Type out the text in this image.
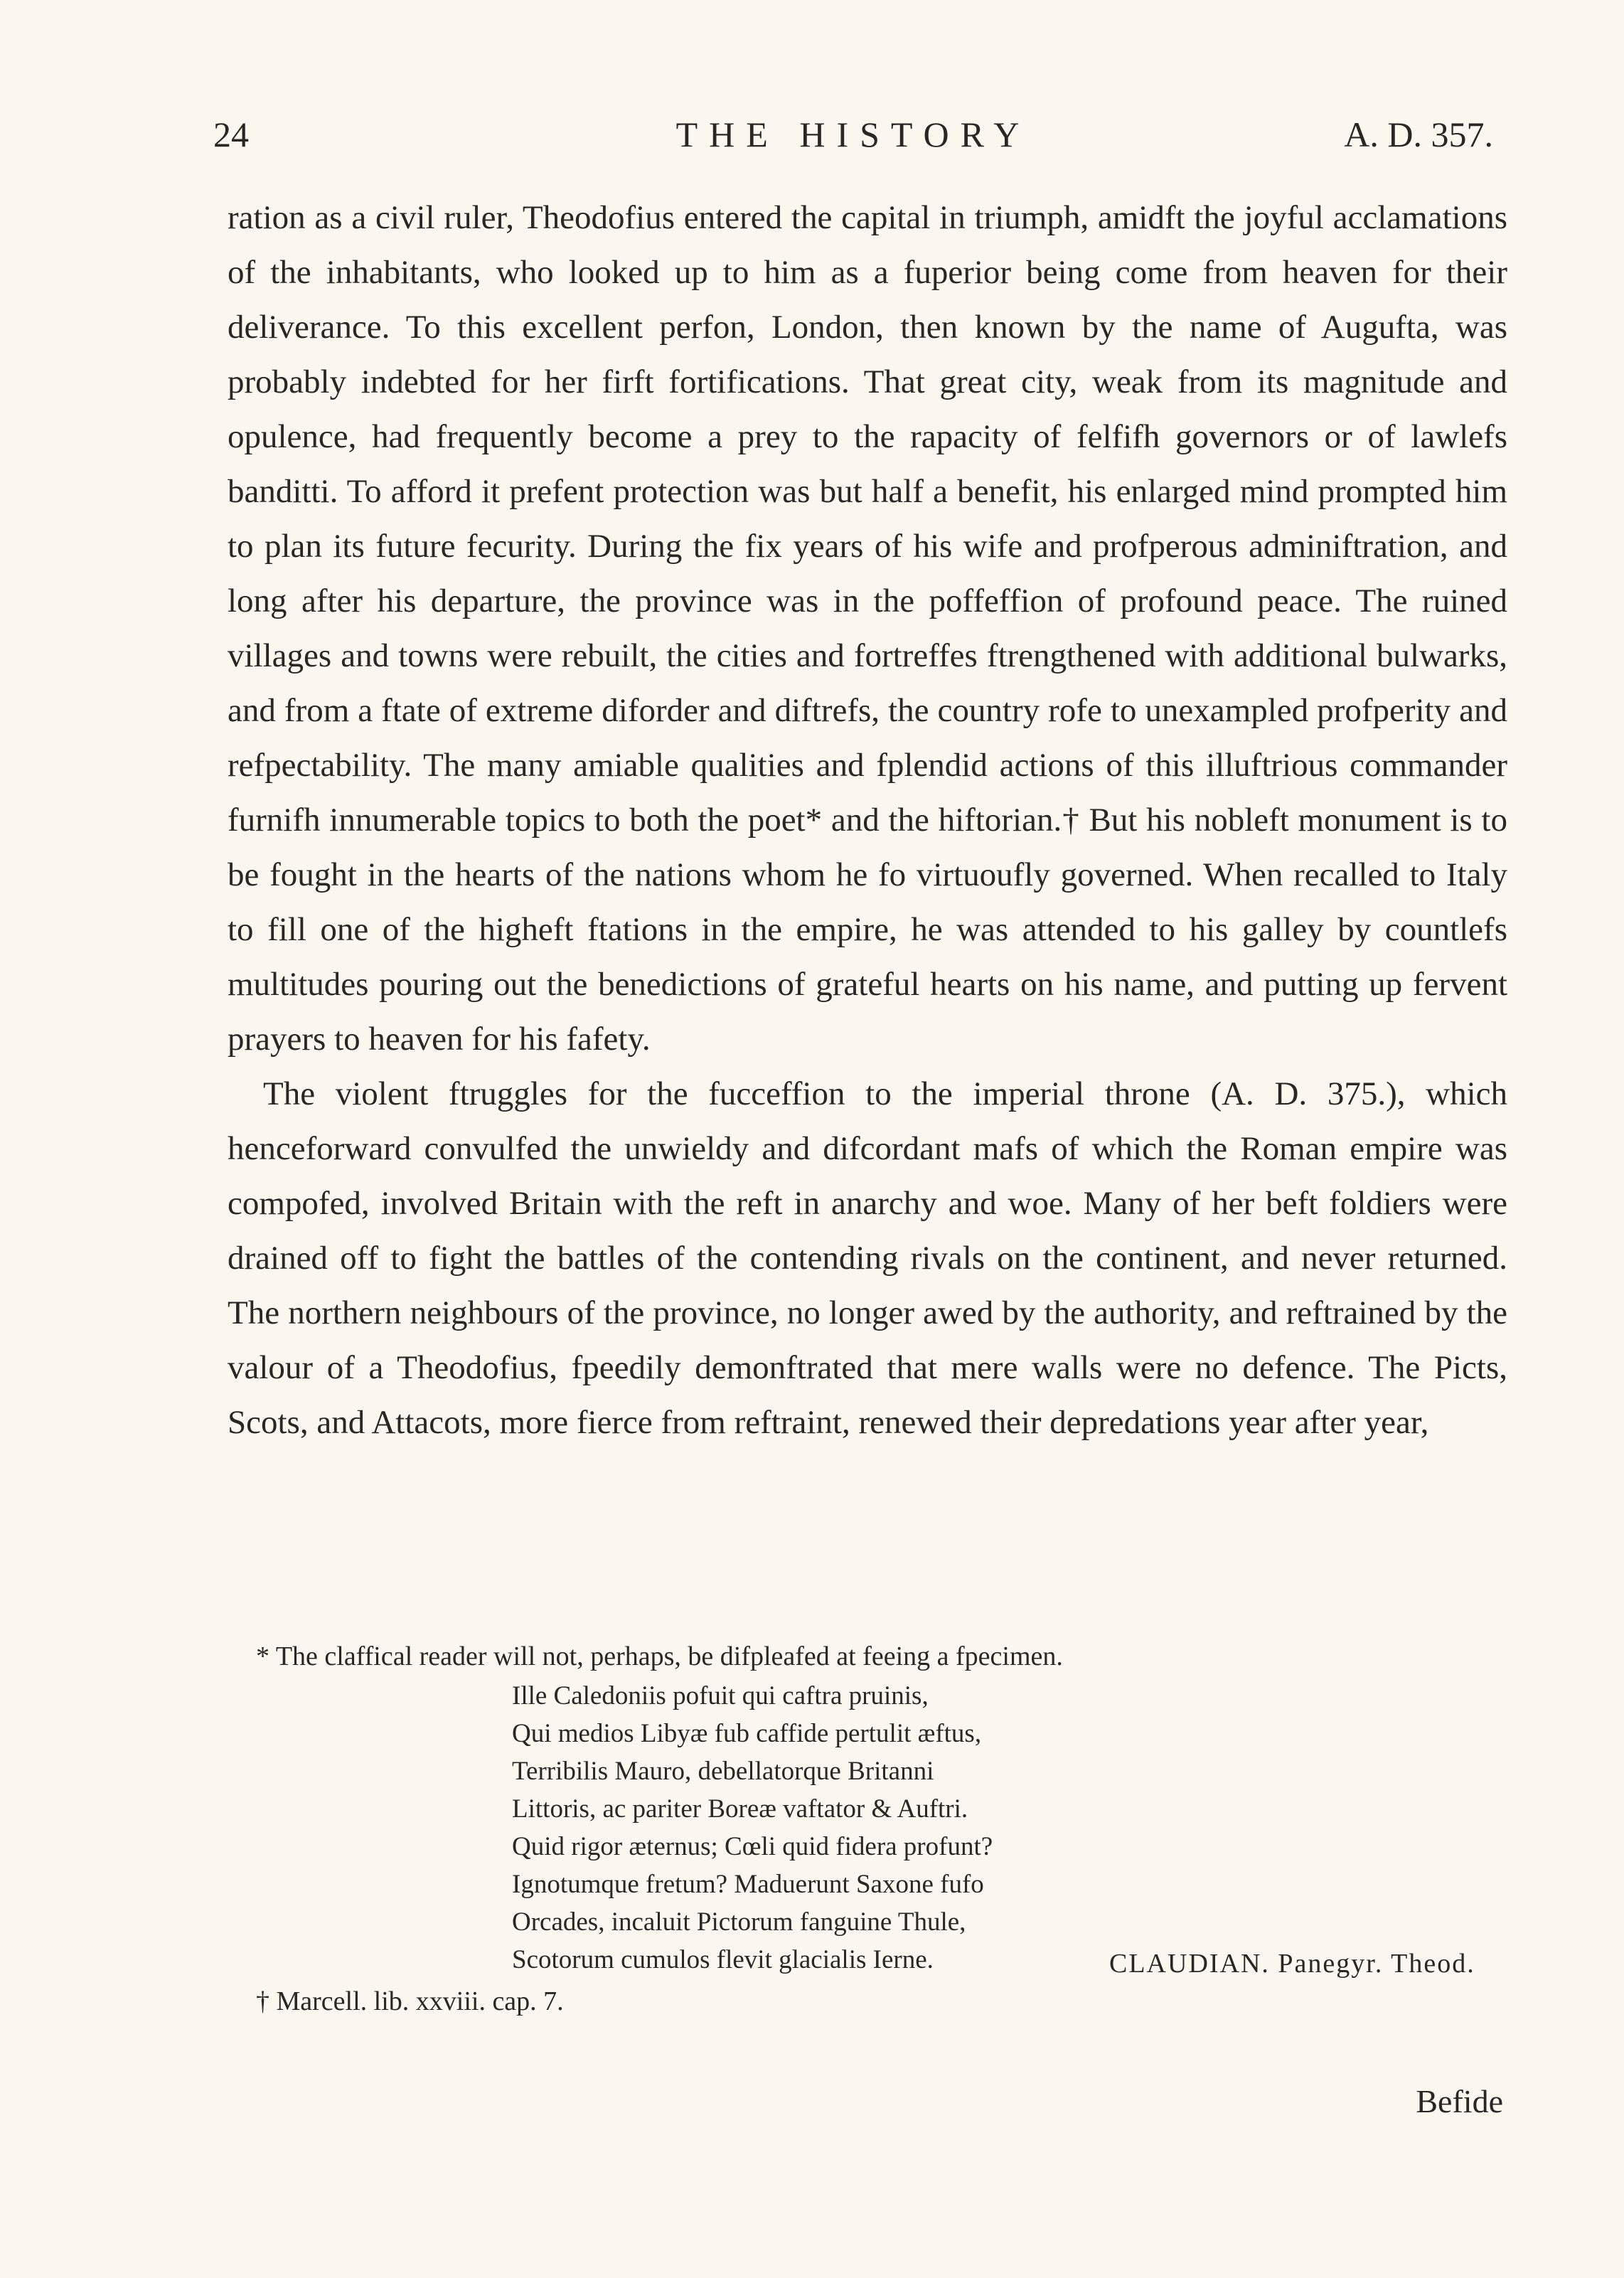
24	THE HISTORY	A. D. 357.

ration as a civil ruler, Theodofius entered the capital in triumph, amidft the joyful acclamations of the inhabitants, who looked up to him as a fuperior being come from heaven for their deliverance. To this excellent perfon, London, then known by the name of Augufta, was probably indebted for her firft fortifications. That great city, weak from its magnitude and opulence, had frequently become a prey to the rapacity of felfifh governors or of lawlefs banditti. To afford it prefent protection was but half a benefit, his enlarged mind prompted him to plan its future fecurity. During the fix years of his wife and profperous adminiftration, and long after his departure, the province was in the poffeffion of profound peace. The ruined villages and towns were rebuilt, the cities and fortreffes ftrengthened with additional bulwarks, and from a ftate of extreme diforder and diftrefs, the country rofe to unexampled profperity and refpectability. The many amiable qualities and fplendid actions of this illuftrious commander furnifh innumerable topics to both the poet* and the hiftorian.† But his nobleft monument is to be fought in the hearts of the nations whom he fo virtuoufly governed. When recalled to Italy to fill one of the higheft ftations in the empire, he was attended to his galley by countlefs multitudes pouring out the benedictions of grateful hearts on his name, and putting up fervent prayers to heaven for his fafety.

The violent ftruggles for the fucceffion to the imperial throne (A. D. 375.), which henceforward convulfed the unwieldy and difcordant mafs of which the Roman empire was compofed, involved Britain with the reft in anarchy and woe. Many of her beft foldiers were drained off to fight the battles of the contending rivals on the continent, and never returned. The northern neighbours of the province, no longer awed by the authority, and reftrained by the valour of a Theodofius, fpeedily demonftrated that mere walls were no defence. The Picts, Scots, and Attacots, more fierce from reftraint, renewed their depredations year after year,

* The claffical reader will not, perhaps, be difpleafed at feeing a fpecimen.
Ille Caledoniis pofuit qui caftra pruinis,
Qui medios Libyæ fub caffide pertulit æftus,
Terribilis Mauro, debellatorque Britanni
Littoris, ac pariter Boreæ vaftator & Auftri.
Quid rigor æternus; Cœli quid fidera profunt?
Ignotumque fretum? Maduerunt Saxone fufo
Orcades, incaluit Pictorum fanguine Thule,
Scotorum cumulos flevit glacialis Ierne.	CLAUDIAN. Panegyr. Theod.
† Marcell. lib. xxviii. cap. 7.
Befide
